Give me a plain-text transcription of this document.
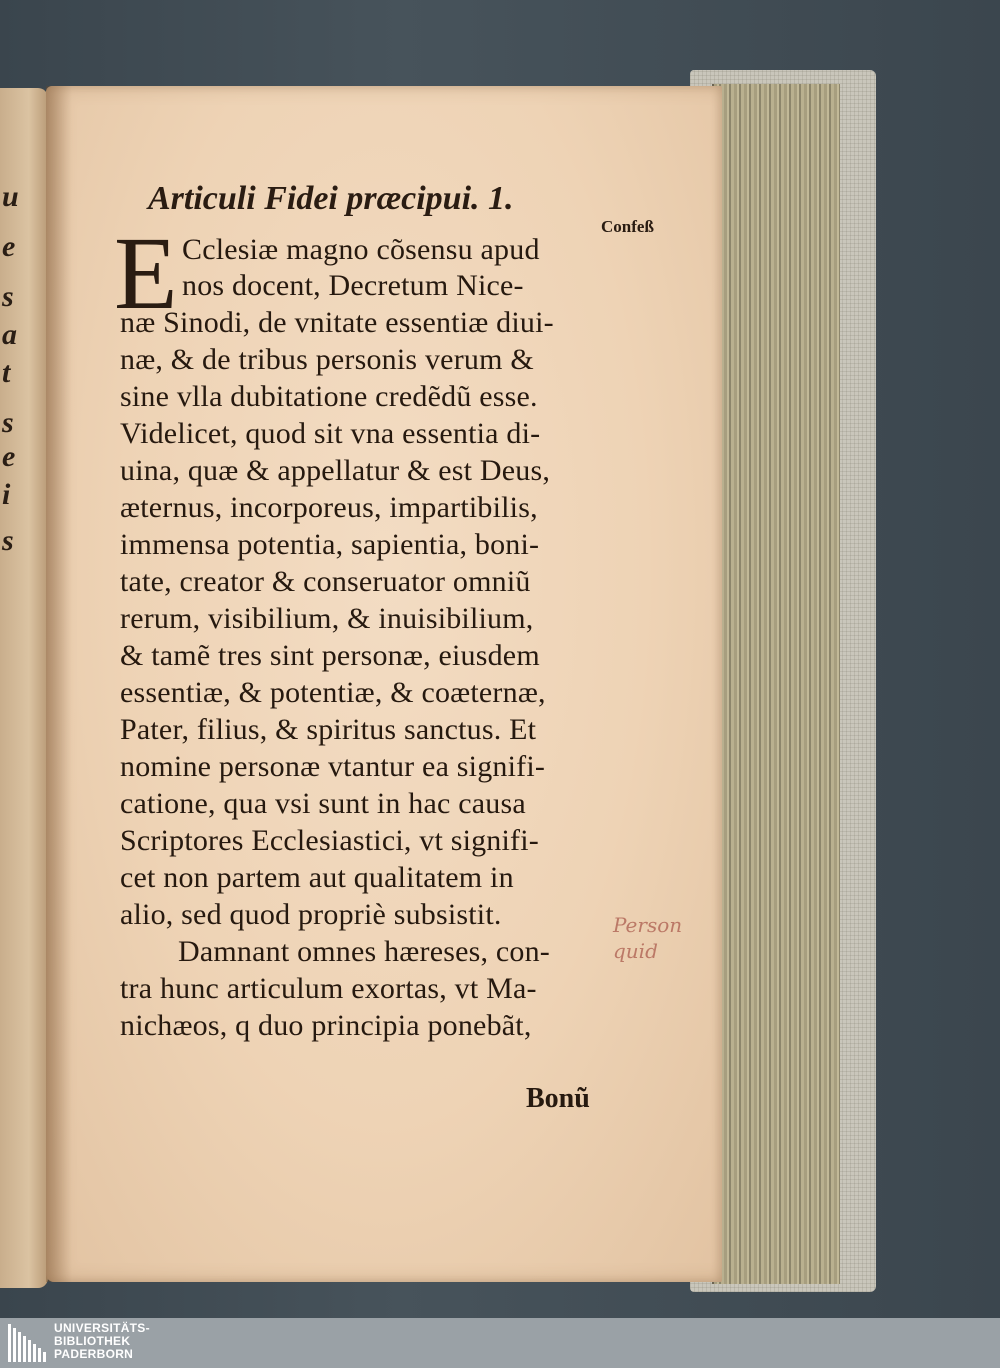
u
e
s
a
t
s
e
i
s
Articuli Fidei præcipui. 1.
Confeß
E Cclesiæ magno cõsensu apud
nos docent, Decretum Nice-
næ Sinodi, de vnitate essentiæ diui-
næ, & de tribus personis verum &
sine vlla dubitatione credẽdũ esse.
Videlicet, quod sit vna essentia di-
uina, quæ & appellatur & est Deus,
æternus, incorporeus, impartibilis,
immensa potentia, sapientia, boni-
tate, creator & conseruator omniũ
rerum, visibilium, & inuisibilium,
& tamẽ tres sint personæ, eiusdem
essentiæ, & potentiæ, & coæternæ,
Pater, filius, & spiritus sanctus. Et
nomine personæ vtantur ea signifi-
catione, qua vsi sunt in hac causa
Scriptores Ecclesiastici, vt signifi-
cet non partem aut qualitatem in
alio, sed quod propriè subsistit.
Damnant omnes hæreses, con-
tra hunc articulum exortas, vt Ma-
nichæos, q duo principia ponebãt,
Bonũ
Person
quid
UNIVERSITÄTS-
BIBLIOTHEK
PADERBORN
